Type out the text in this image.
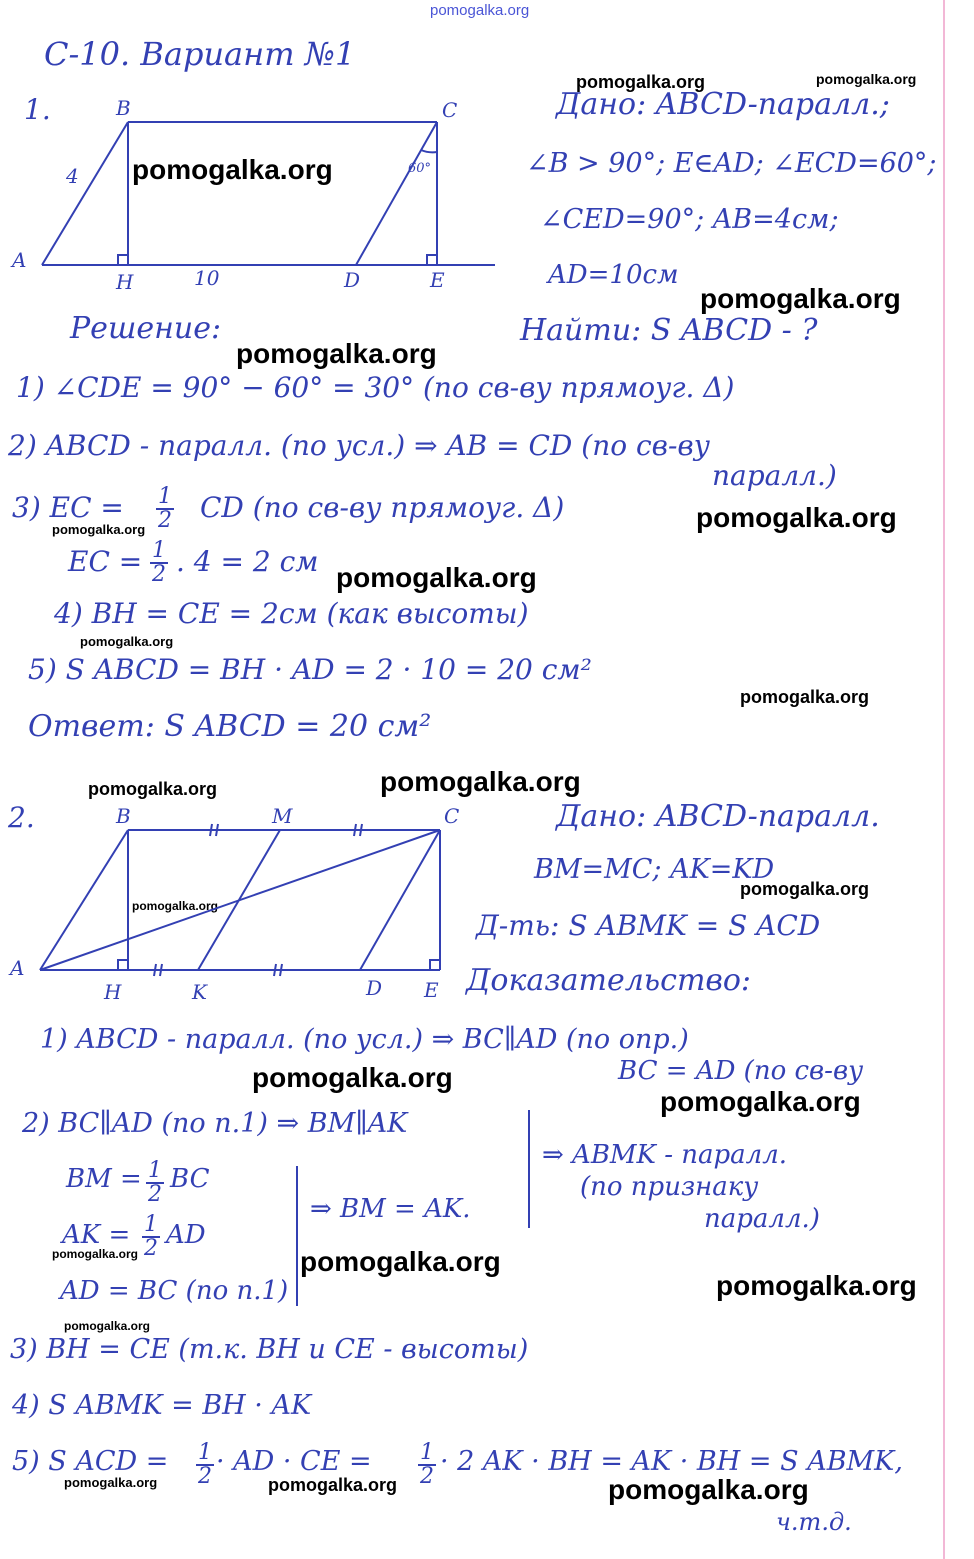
pomogalka.org
pomogalka.org	pomogalka.org
pomogalka.org
pomogalka.org
pomogalka.org
pomogalka.org
pomogalka.org
pomogalka.org
pomogalka.org
pomogalka.org
pomogalka.org
pomogalka.org
pomogalka.org
pomogalka.org
pomogalka.org
pomogalka.org
pomogalka.org	pomogalka.org
pomogalka.org
pomogalka.org
pomogalka.org	pomogalka.org	pomogalka.org
С-10. Вариант №1
1.
A
B	C
D	E
H
4
10
60°
Дано: ABCD-паралл.;
∠B > 90°; E∈AD; ∠ECD=60°;
∠CED=90°; AB=4см;
AD=10см
Найти: S ABCD - ?
Решение:
1) ∠CDE = 90° − 60° = 30° (по св-ву прямоуг. Δ)
2) ABCD - паралл. (по усл.) ⇒ AB = CD (по св-ву
паралл.)
3) EC = $\frac{1}{2}$ CD (по св-ву прямоуг. Δ)
EC = $\frac{1}{2}$ . 4 = 2 см
4) BH = CE = 2см (как высоты)
5) S ABCD = BH · AD = 2 · 10 = 20 см²
Ответ: S ABCD = 20 см²
2.
A
B	C
M
H	K	D E
Дано: ABCD-паралл.
BM=MC; AK=KD
Д-ть: S ABMK = S ACD
Доказательство:
1) ABCD - паралл. (по усл.) ⇒ BC∥AD (по опр.)
BC = AD (по св-ву
2) BC∥AD (по п.1) ⇒ BM∥AK
BM = $\frac{1}{2}$ BC
AK = $\frac{1}{2}$ AD
AD = BC (по п.1)
⇒ BM = AK.
⇒ ABMK - паралл.
(по признаку
паралл.)
3) BH = CE (т.к. BH и CE - высоты)
4) S ABMK = BH · AK
5) S ACD = $\frac{1}{2}$ · AD · CE = $\frac{1}{2} \cdot 2$ AK · BH = AK · BH = S ABMK,
ч.т.д.
